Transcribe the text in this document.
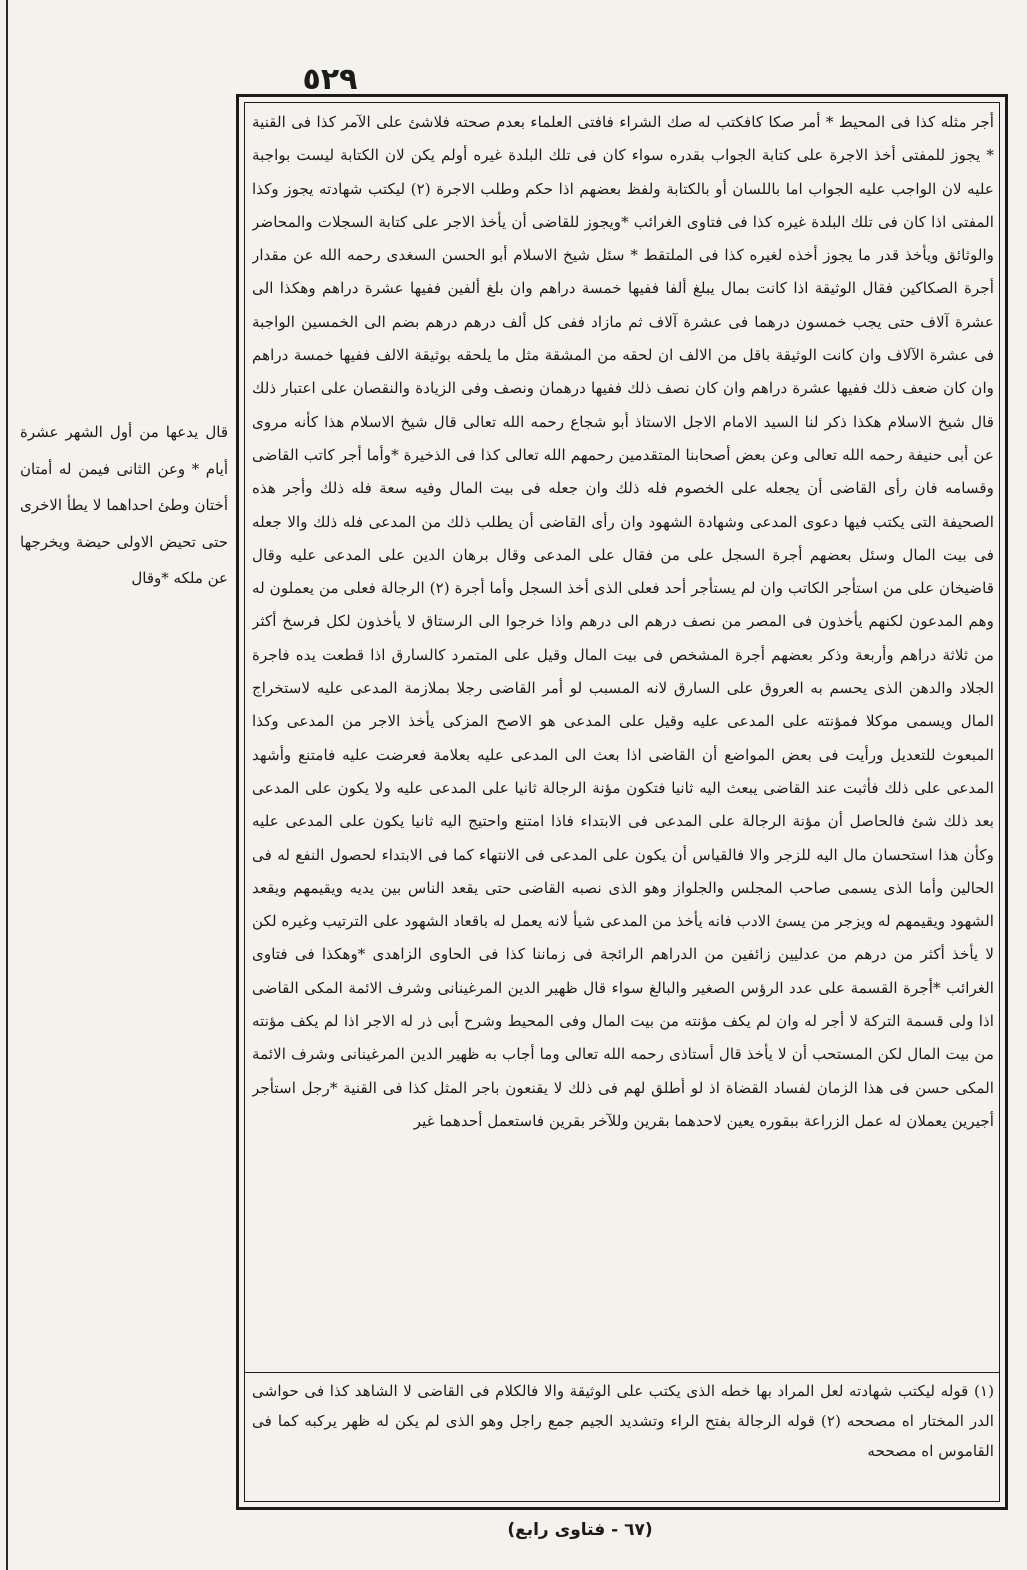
٥٢٩

أجر مثله كذا فى المحيط * أمر صكا كافكتب له صك الشراء فافتى العلماء بعدم صحته فلاشئ على الآمر كذا فى القنية * يجوز للمفتى أخذ الاجرة على كتابة الجواب بقدره سواء كان فى تلك البلدة غيره أولم يكن لان الكتابة ليست بواجبة عليه لان الواجب عليه الجواب اما باللسان أو بالكتابة ولفظ بعضهم اذا حكم وطلب الاجرة (٢) ليكتب شهادته يجوز وكذا المفتى اذا كان فى تلك البلدة غيره كذا فى فتاوى الغرائب *ويجوز للقاضى أن يأخذ الاجر على كتابة السجلات والمحاضر والوثائق ويأخذ قدر ما يجوز أخذه لغيره كذا فى الملتقط * سئل شيخ الاسلام أبو الحسن السغدى رحمه الله عن مقدار أجرة الصكاكين فقال الوثيقة اذا كانت بمال يبلغ ألفا ففيها خمسة دراهم وان بلغ ألفين ففيها عشرة دراهم وهكذا الى عشرة آلاف حتى يجب خمسون درهما فى عشرة آلاف ثم مازاد ففى كل ألف درهم درهم بضم الى الخمسين الواجبة فى عشرة الآلاف وان كانت الوثيقة باقل من الالف ان لحقه من المشقة مثل ما يلحقه بوثيقة الالف ففيها خمسة دراهم وان كان ضعف ذلك ففيها عشرة دراهم وان كان نصف ذلك ففيها درهمان ونصف وفى الزيادة والنقصان على اعتبار ذلك قال شيخ الاسلام هكذا ذكر لنا السيد الامام الاجل الاستاذ أبو شجاع رحمه الله تعالى قال شيخ الاسلام هذا كأنه مروى عن أبى حنيفة رحمه الله تعالى وعن بعض أصحابنا المتقدمين رحمهم الله تعالى كذا فى الذخيرة *وأما أجر كاتب القاضى وقسامه فان رأى القاضى أن يجعله على الخصوم فله ذلك وان جعله فى بيت المال وفيه سعة فله ذلك وأجر هذه الصحيفة التى يكتب فيها دعوى المدعى وشهادة الشهود وان رأى القاضى أن يطلب ذلك من المدعى فله ذلك والا جعله فى بيت المال وسئل بعضهم أجرة السجل على من فقال على المدعى وقال برهان الدين على المدعى عليه وقال قاضيخان على من استأجر الكاتب وان لم يستأجر أحد فعلى الذى أخذ السجل وأما أجرة (٢) الرجالة فعلى من يعملون له وهم المدعون لكنهم يأخذون فى المصر من نصف درهم الى درهم واذا خرجوا الى الرستاق لا يأخذون لكل فرسخ أكثر من ثلاثة دراهم وأربعة وذكر بعضهم أجرة المشخص فى بيت المال وقيل على المتمرد كالسارق اذا قطعت يده فاجرة الجلاد والدهن الذى يحسم به العروق على السارق لانه المسبب لو أمر القاضى رجلا بملازمة المدعى عليه لاستخراج المال ويسمى موكلا فمؤنته على المدعى عليه وقيل على المدعى هو الاصح المزكى يأخذ الاجر من المدعى وكذا المبعوث للتعديل ورأيت فى بعض المواضع أن القاضى اذا بعث الى المدعى عليه بعلامة فعرضت عليه فامتنع وأشهد المدعى على ذلك فأثبت عند القاضى يبعث اليه ثانيا فتكون مؤنة الرجالة ثانيا على المدعى عليه ولا يكون على المدعى بعد ذلك شئ فالحاصل أن مؤنة الرجالة على المدعى فى الابتداء فاذا امتنع واحتيج اليه ثانيا يكون على المدعى عليه وكأن هذا استحسان مال اليه للزجر والا فالقياس أن يكون على المدعى فى الانتهاء كما فى الابتداء لحصول النفع له فى الحالين وأما الذى يسمى صاحب المجلس والجلواز وهو الذى نصبه القاضى حتى يقعد الناس بين يديه ويقيمهم ويقعد الشهود ويقيمهم له ويزجر من يسئ الادب فانه يأخذ من المدعى شيأ لانه يعمل له باقعاد الشهود على الترتيب وغيره لكن لا يأخذ أكثر من درهم من عدليين زائفين من الدراهم الرائجة فى زماننا كذا فى الحاوى الزاهدى *وهكذا فى فتاوى الغرائب *أجرة القسمة على عدد الرؤس الصغير والبالغ سواء قال ظهير الدين المرغينانى وشرف الائمة المكى القاضى اذا ولى قسمة التركة لا أجر له وان لم يكف مؤنته من بيت المال وفى المحيط وشرح أبى ذر له الاجر اذا لم يكف مؤنته من بيت المال لكن المستحب أن لا يأخذ قال أستاذى رحمه الله تعالى وما أجاب به ظهير الدين المرغينانى وشرف الائمة المكى حسن فى هذا الزمان لفساد القضاة اذ لو أطلق لهم فى ذلك لا يقنعون باجر المثل كذا فى القنية *رجل استأجر أجيرين يعملان له عمل الزراعة ببقوره يعين لاحدهما بقرين وللآخر بقرين فاستعمل أحدهما غير

(١) قوله ليكتب شهادته لعل المراد بها خطه الذى يكتب على الوثيقة والا فالكلام فى القاضى لا الشاهد كذا فى حواشى الدر المختار اه مصححه (٢) قوله الرجالة بفتح الراء وتشديد الجيم جمع راجل وهو الذى لم يكن له ظهر يركبه كما فى القاموس اه مصححه

قال يدعها من أول الشهر عشرة أيام * وعن الثانى فيمن له أمتان أختان وطئ احداهما لا يطأ الاخرى حتى تحيض الاولى حيضة ويخرجها عن ملكه *وقال

(٦٧ - فتاوى رابع)
